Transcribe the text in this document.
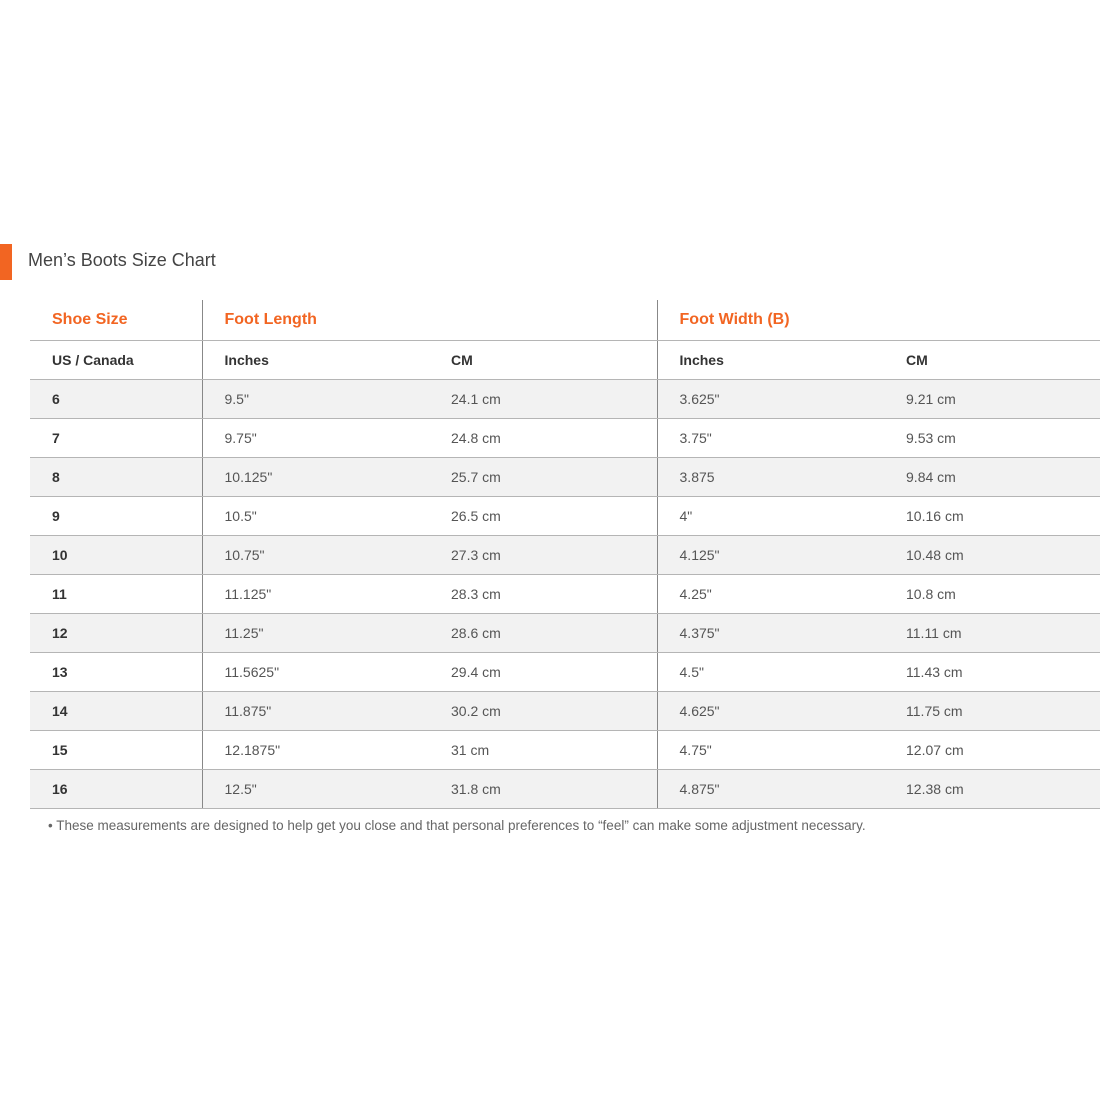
Men’s Boots Size Chart
Shoe Size	Foot Length		Foot Width (B)	
US / Canada	Inches	CM	Inches	CM
6	9.5"	24.1 cm	3.625"	9.21 cm
7	9.75"	24.8 cm	3.75"	9.53 cm
8	10.125"	25.7 cm	3.875	9.84 cm
9	10.5"	26.5 cm	4"	10.16 cm
10	10.75"	27.3 cm	4.125"	10.48 cm
11	11.125"	28.3 cm	4.25"	10.8 cm
12	11.25"	28.6 cm	4.375"	11.11 cm
13	11.5625"	29.4 cm	4.5"	11.43 cm
14	11.875"	30.2 cm	4.625"	11.75 cm
15	12.1875"	31 cm	4.75"	12.07 cm
16	12.5"	31.8 cm	4.875"	12.38 cm
• These measurements are designed to help get you close and that personal preferences to “feel” can make some adjustment necessary.
